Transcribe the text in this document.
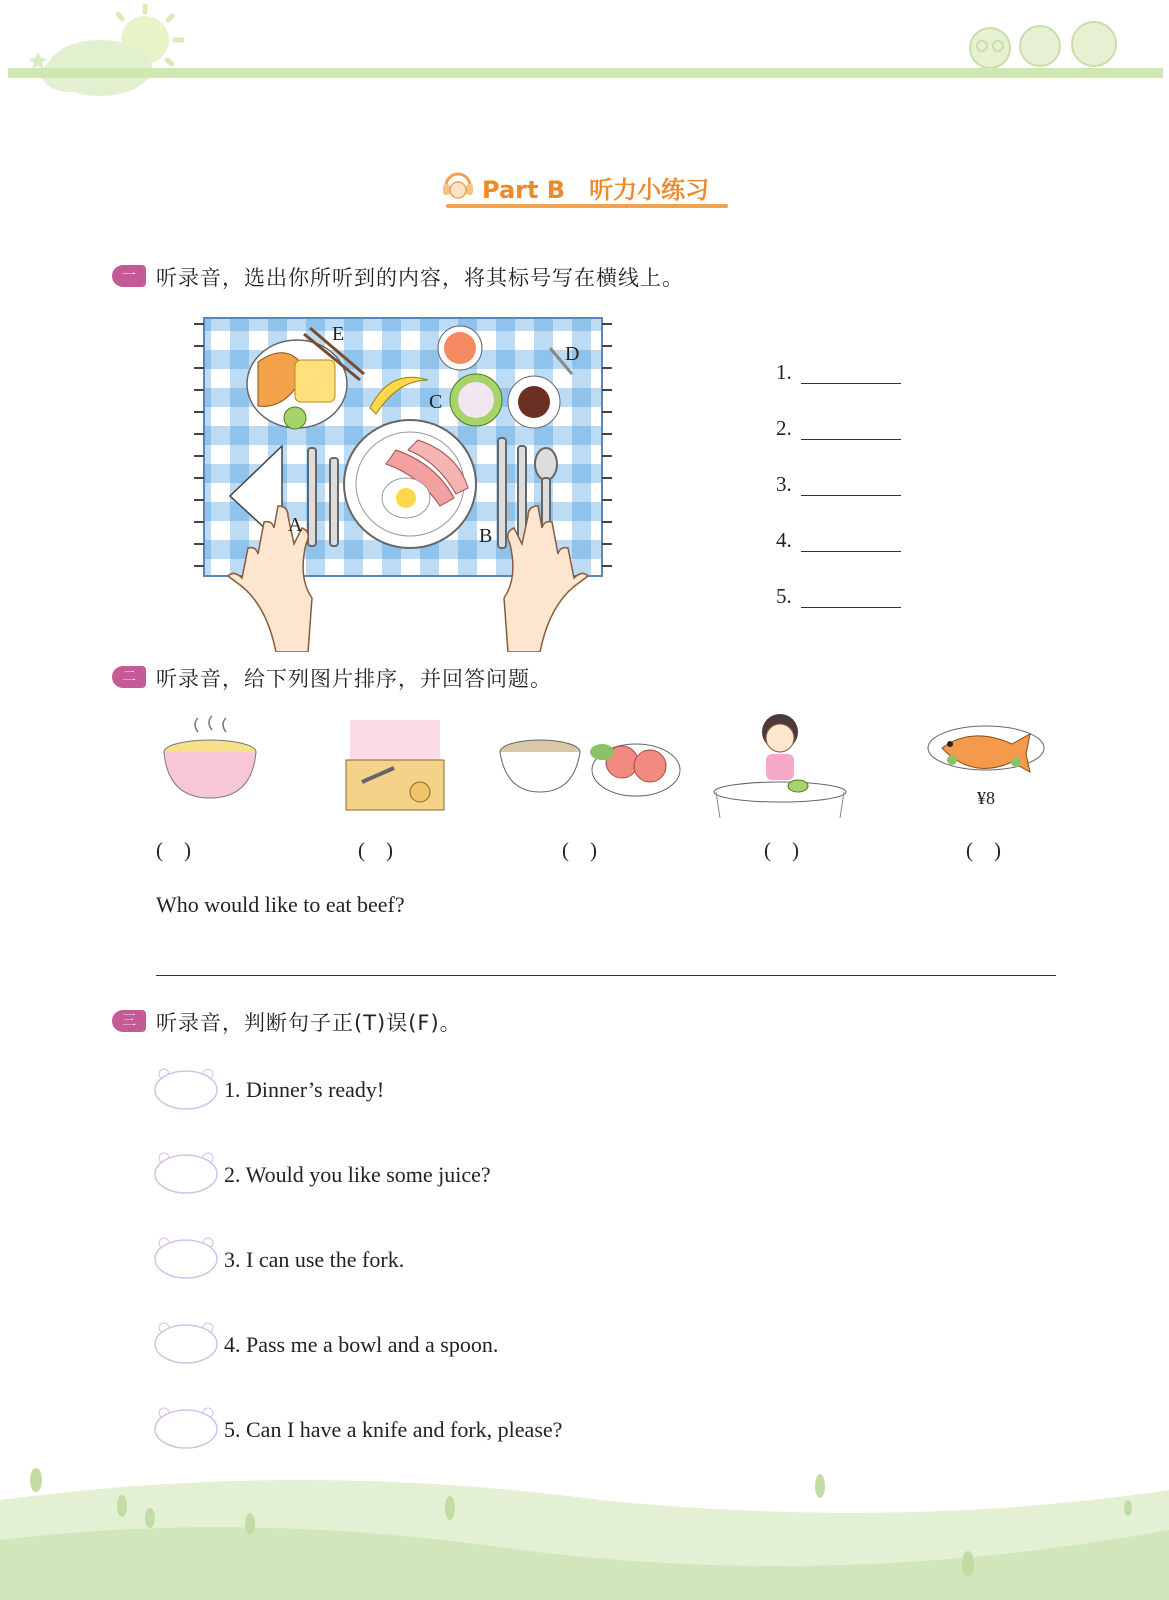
Part B　听力小练习
一 听录音，选出你所听到的内容，将其标号写在横线上。
E
D
C
A	B
1.
2.
3.
4.
5.
二 听录音，给下列图片排序，并回答问题。
¥8
(　)	(　)	(　)	(　)	(　)
Who would like to eat beef?
三 听录音，判断句子正(T)误(F)。
1. Dinner’s ready!
2. Would you like some juice?
3. I can use the fork.
4. Pass me a bowl and a spoon.
5. Can I have a knife and fork, please?
